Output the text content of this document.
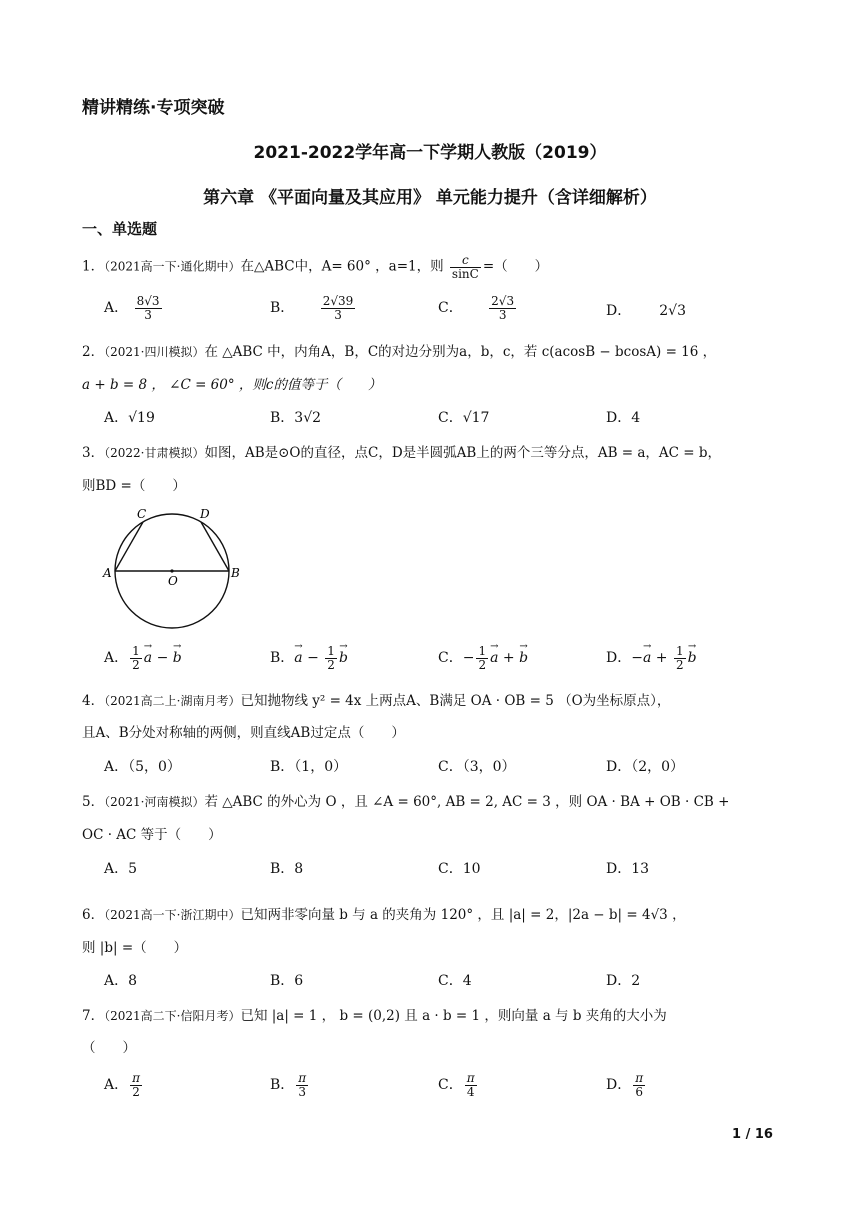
精讲精练·专项突破
2021-2022学年高一下学期人教版（2019）
第六章 《平面向量及其应用》 单元能力提升（含详细解析）
一、单选题
1．（2021高一下·通化期中）在△ABC中，A= 60° ，a=1，则 $\frac{c}{\sin C}$ =（　　）
A． $\frac{8√3}{3}$	B． $\frac{2√39}{3}$	C． $\frac{2√3}{3}$	D． 2√3
2．（2021·四川模拟）在 △ABC 中，内角A，B，C的对边分别为a，b，c，若 c(acosB − bcosA) = 16 ，
a + b = 8 ， ∠C = 60° ，则c的值等于（　　）
A．√19	B．3√2	C．√17	D．4
3．（2022·甘肃模拟）如图，AB是⊙O的直径，点C，D是半圆弧AB上的两个三等分点，AB = a，AC = b，
则BD =（　　）
C	D
A
O
B
A． $\frac{1}{2}$
→ a − → b	B．→ $a - \frac{1}{2}$
→ b	C．− $\frac{1}{2}$
→ a + → b	D．−→ $a + \frac{1}{2}$
→ b
4．（2021高二上·湖南月考）已知抛物线 y² = 4x 上两点A、B满足 OA · OB = 5 （O为坐标原点），
且A、B分处对称轴的两侧，则直线AB过定点（　　）
A．（5，0）	B．（1，0）	C．（3，0）	D．（2，0）
5．（2021·河南模拟）若 △ABC 的外心为 O ，且 ∠A = 60°, AB = 2, AC = 3 ，则 OA · BA + OB · CB +
OC · AC 等于（　　）
A．5	B．8	C．10	D．13
6．（2021高一下·浙江期中）已知两非零向量 b 与 a 的夹角为 120° ，且 |a| = 2，|2a − b| = 4√3 ，
则 |b| =（　　）
A．8	B．6	C．4	D．2
7．（2021高二下·信阳月考）已知 |a| = 1 ， b = (0,2) 且 a · b = 1 ，则向量 a 与 b 夹角的大小为
（　　）
A． $\frac{\pi}{2}$	B． $\frac{\pi}{3}$	C． $\frac{\pi}{4}$	D． $\frac{\pi}{6}$
1 / 16
